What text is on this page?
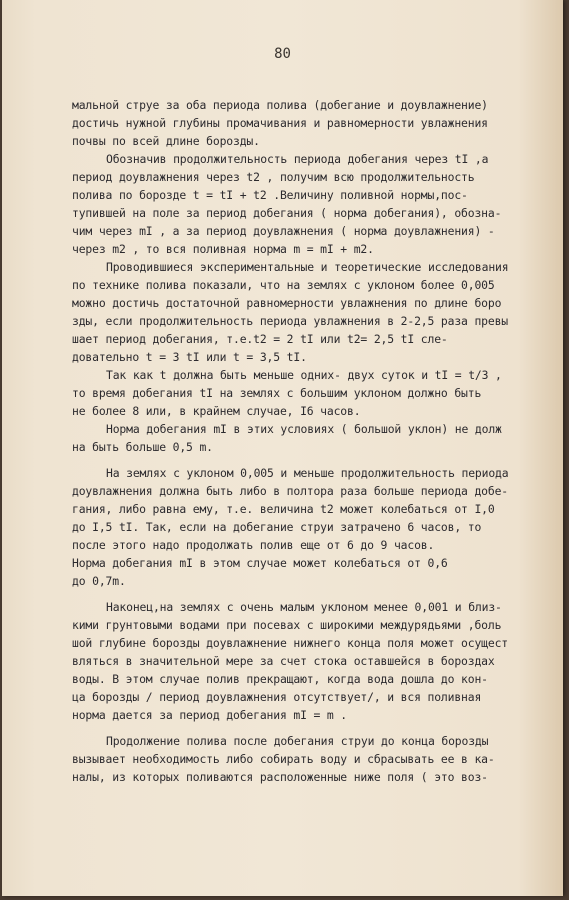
80
мальной струе за оба периода полива (добегание и доувлажнение)
достичь нужной глубины промачивания и равномерности увлажнения
почвы по всей длине борозды.
Обозначив продолжительность периода добегания через tI ,а
период доувлажнения через t2 , получим всю продолжительность
полива по борозде t = tI + t2 .Величину поливной нормы,пос-
тупившей на поле за период добегания ( норма добегания), обозна-
чим через mI , а за период доувлажнения ( норма доувлажнения) -
через m2 , то вся поливная норма m = mI + m2.
Проводившиеся экспериментальные и теоретические исследования
по технике полива показали, что на землях с уклоном более 0,005
можно достичь достаточной равномерности увлажнения по длине боро
зды, если продолжительность периода увлажнения в 2-2,5 раза превы
шает период добегания, т.е.t2 = 2 tI или t2= 2,5 tI сле-
довательно t = 3 tI или t = 3,5 tI.
Так как t должна быть меньше одних- двух суток и tI = t/3 ,
то время добегания tI на землях с большим уклоном должно быть
не более 8 или, в крайнем случае, I6 часов.
Норма добегания mI в этих условиях ( большой уклон) не долж
на быть больше 0,5 m.
На землях с уклоном 0,005 и меньше продолжительность периода
доувлажнения должна быть либо в полтора раза больше периода добе-
гания, либо равна ему, т.е. величина t2 может колебаться от I,0
до I,5 tI. Так, если на добегание струи затрачено 6 часов, то
после этого надо продолжать полив еще от 6 до 9 часов.
Норма добегания mI в этом случае может колебаться от 0,6
до 0,7m.
Наконец,на землях с очень малым уклоном менее 0,001 и близ-
кими грунтовыми водами при посевах с широкими междурядьями ,боль
шой глубине борозды доувлажнение нижнего конца поля может осущест
вляться в значительной мере за счет стока оставшейся в бороздах
воды. В этом случае полив прекращают, когда вода дошла до кон-
ца борозды / период доувлажнения отсутствует/, и вся поливная
норма дается за период добегания mI = m .
Продолжение полива после добегания струи до конца борозды
вызывает необходимость либо собирать воду и сбрасывать ее в ка-
налы, из которых поливаются расположенные ниже поля ( это воз-
